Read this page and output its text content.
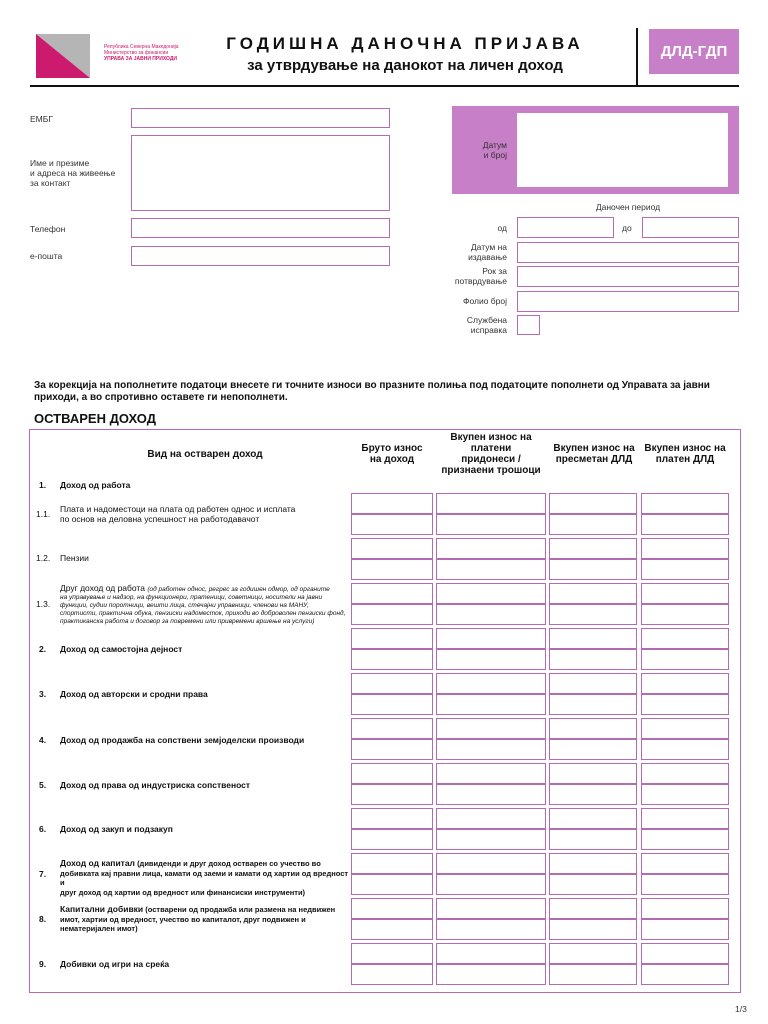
Република Северна Македонија
Министерство за финансии
УПРАВА ЗА ЈАВНИ ПРИХОДИ
ГОДИШНА ДАНОЧНА ПРИЈАВА
за утврдување на данокот на личен доход
ДЛД-ГДП
ЕМБГ
Име и презиме
и адреса на живеење
за контакт
Телефон
е-пошта
Датум
и број
Даночен период
од	до
Датум на
издавање
Рок за
потврдување
Фолио број
Службена
исправка
За корекција на пополнетите податоци внесете ги точните износи во празните полиња под податоците пополнети од Управата за јавни приходи, а во спротивно оставете ги непополнети.
ОСТВАРЕН ДОХОД
Вид на остварен доход
Бруто износ
на доход
Вкупен износ на
платени
придонеси /
признаени трошоци
Вкупен износ на
пресметан ДЛД
Вкупен износ на
платен ДЛД
1. Доход од работа
1.1. Плата и надоместоци на плата од работен однос и исплата
по основ на деловна успешност на работодавачот
1.2. Пензии
1.3.
Друг доход од работа (од работен однос, регрес за годишен одмор, од органите
на управување и надзор, на функционери, пратеници, советници, носители на јавни
функции, судии поротници, вешти лица, стечајни управници, членови на МАНУ,
спортисти, практична обука, пензиски надоместок, приходи во доброволен пензиски фонд,
практиканска работа и договор за повремени или привремени вршење на услуги)
2. Доход од самостојна дејност
3. Доход од авторски и сродни права
4. Доход од продажба на сопствени земјоделски производи
5. Доход од права од индустриска сопственост
6. Доход од закуп и подзакуп
7.
Доход од капитал (дивиденди и друг доход остварен со учество во
добивката кај правни лица, камати од заеми и камати од хартии од вредност и
друг доход од хартии од вредност или финансиски инструменти)
8.
Капитални добивки (остварени од продажба или размена на недвижен
имот, хартии од вредност, учество во капиталот, друг подвижен и
нематеријален имот)
9. Добивки од игри на среќа
1/3
